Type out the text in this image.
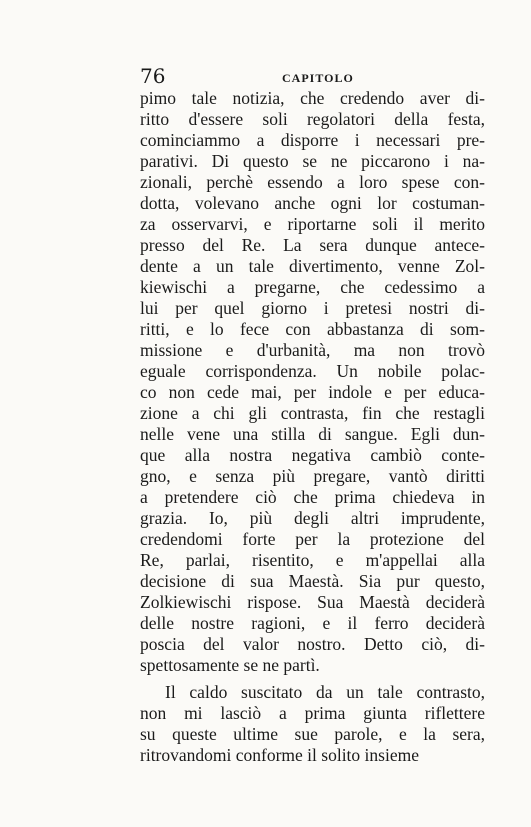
76	CAPITOLO
pimo tale notizia, che credendo aver di-
ritto d'essere soli regolatori della festa,
cominciammo a disporre i necessari pre-
parativi. Di questo se ne piccarono i na-
zionali, perchè essendo a loro spese con-
dotta, volevano anche ogni lor costuman-
za osservarvi, e riportarne soli il merito
presso del Re. La sera dunque antece-
dente a un tale divertimento, venne Zol-
kiewischi a pregarne, che cedessimo a
lui per quel giorno i pretesi nostri di-
ritti, e lo fece con abbastanza di som-
missione e d'urbanità, ma non trovò
eguale corrispondenza. Un nobile polac-
co non cede mai, per indole e per educa-
zione a chi gli contrasta, fin che restagli
nelle vene una stilla di sangue. Egli dun-
que alla nostra negativa cambiò conte-
gno, e senza più pregare, vantò diritti
a pretendere ciò che prima chiedeva in
grazia. Io, più degli altri imprudente,
credendomi forte per la protezione del
Re, parlai, risentito, e m'appellai alla
decisione di sua Maestà. Sia pur questo,
Zolkiewischi rispose. Sua Maestà deciderà
delle nostre ragioni, e il ferro deciderà
poscia del valor nostro. Detto ciò, di-
spettosamente se ne partì.
Il caldo suscitato da un tale contrasto,
non mi lasciò a prima giunta riflettere
su queste ultime sue parole, e la sera,
ritrovandomi conforme il solito insieme
